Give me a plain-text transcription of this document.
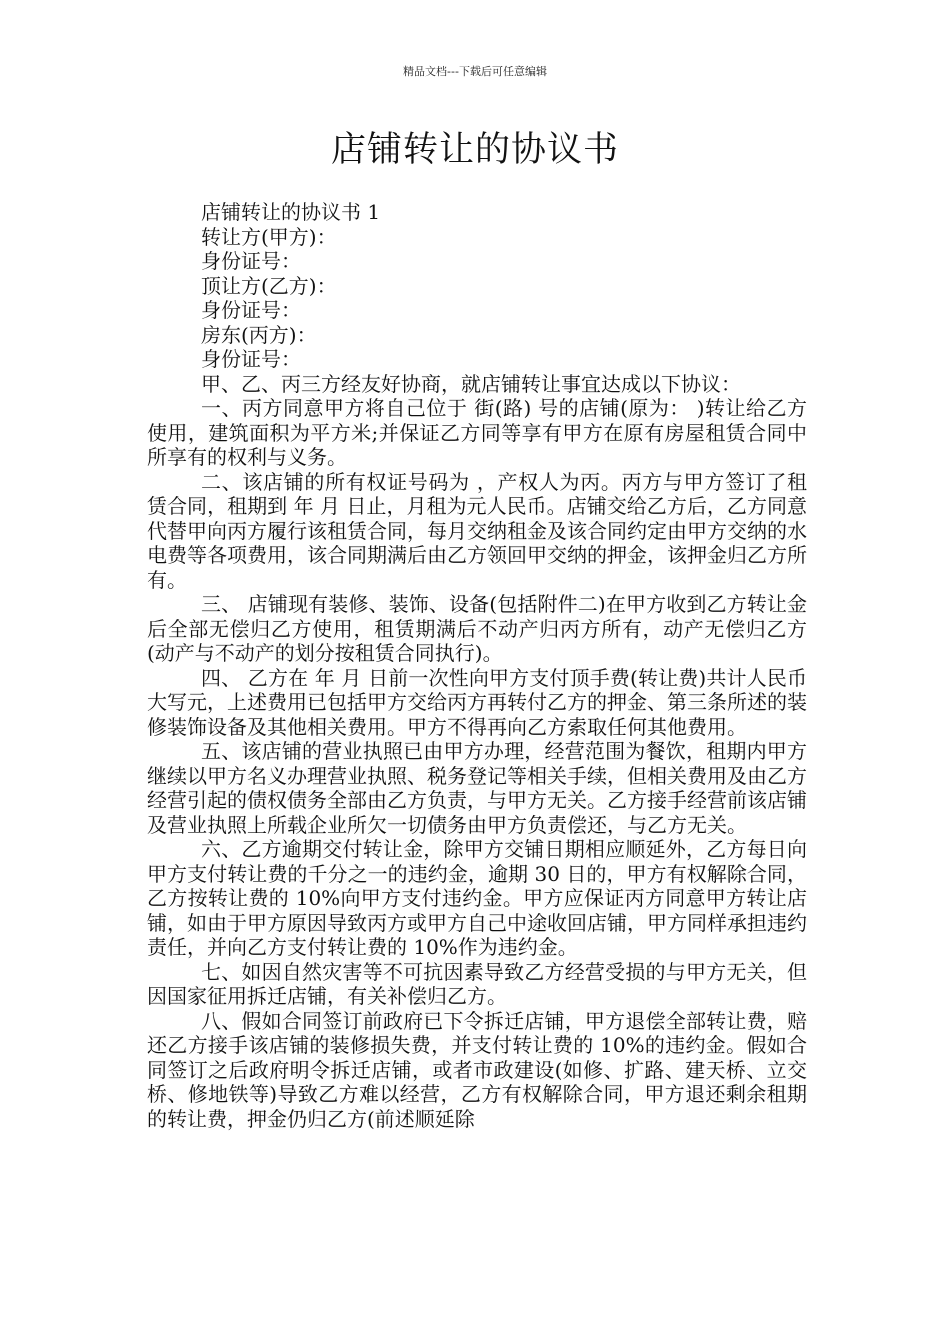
精品文档---下载后可任意编辑
店铺转让的协议书

店铺转让的协议书 1

转让方(甲方)：

身份证号：

顶让方(乙方)：

身份证号：

房东(丙方)：

身份证号：

甲、乙、丙三方经友好协商，就店铺转让事宜达成以下协议：

一、丙方同意甲方将自己位于 街(路) 号的店铺(原为： )转让给乙方使用，建筑面积为平方米;并保证乙方同等享有甲方在原有房屋租赁合同中所享有的权利与义务。

二、该店铺的所有权证号码为 ，产权人为丙。丙方与甲方签订了租赁合同，租期到 年 月 日止，月租为元人民币。店铺交给乙方后，乙方同意代替甲向丙方履行该租赁合同，每月交纳租金及该合同约定由甲方交纳的水电费等各项费用，该合同期满后由乙方领回甲交纳的押金，该押金归乙方所有。

三、 店铺现有装修、装饰、设备(包括附件二)在甲方收到乙方转让金后全部无偿归乙方使用，租赁期满后不动产归丙方所有，动产无偿归乙方(动产与不动产的划分按租赁合同执行)。

四、 乙方在 年 月 日前一次性向甲方支付顶手费(转让费)共计人民币大写元，上述费用已包括甲方交给丙方再转付乙方的押金、第三条所述的装修装饰设备及其他相关费用。甲方不得再向乙方索取任何其他费用。

五、该店铺的营业执照已由甲方办理，经营范围为餐饮，租期内甲方继续以甲方名义办理营业执照、税务登记等相关手续，但相关费用及由乙方经营引起的债权债务全部由乙方负责，与甲方无关。乙方接手经营前该店铺及营业执照上所载企业所欠一切债务由甲方负责偿还，与乙方无关。

六、乙方逾期交付转让金，除甲方交铺日期相应顺延外，乙方每日向甲方支付转让费的千分之一的违约金，逾期 30 日的，甲方有权解除合同，乙方按转让费的 10%向甲方支付违约金。甲方应保证丙方同意甲方转让店铺，如由于甲方原因导致丙方或甲方自己中途收回店铺，甲方同样承担违约责任，并向乙方支付转让费的 10%作为违约金。

七、如因自然灾害等不可抗因素导致乙方经营受损的与甲方无关，但因国家征用拆迁店铺，有关补偿归乙方。

八、假如合同签订前政府已下令拆迁店铺，甲方退偿全部转让费，赔还乙方接手该店铺的装修损失费，并支付转让费的 10%的违约金。假如合同签订之后政府明令拆迁店铺，或者市政建设(如修、扩路、建天桥、立交桥、修地铁等)导致乙方难以经营，乙方有权解除合同，甲方退还剩余租期的转让费，押金仍归乙方(前述顺延除
